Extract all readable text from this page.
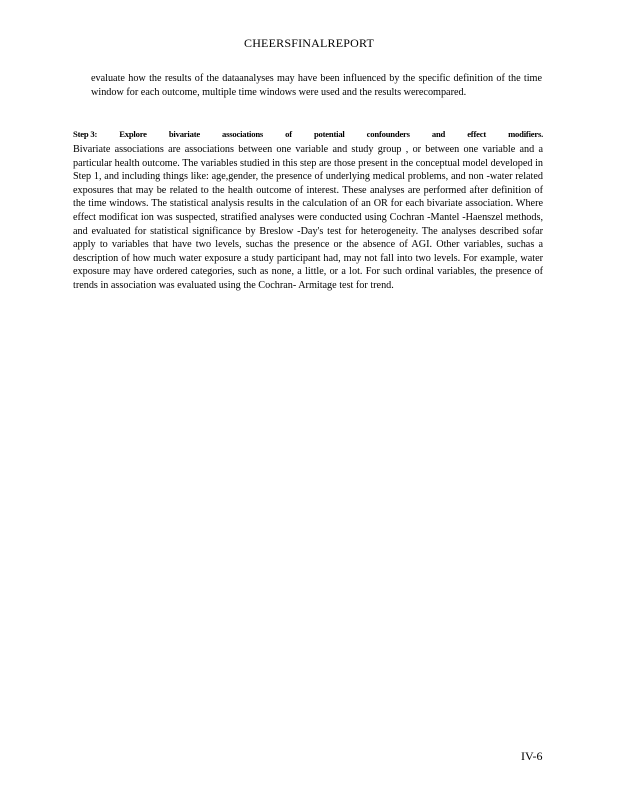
CHEERSFINALREPORT

evaluate how the results of the dataanalyses may have been influenced by the specific definition of the time window for each outcome, multiple time windows were used and the results werecompared.

Step 3:	Explore	bivariate	associations	of	potential	confounders	and	effect	modifiers.

Bivariate associations are associations between one variable and study group , or between one variable and a particular health outcome. The variables studied in this step are those present in the conceptual model developed in Step 1, and including things like: age,gender, the presence of underlying medical problems, and non -water related exposures that may be related to the health outcome of interest. These analyses are performed after definition of the time windows. The statistical analysis results in the calculation of an OR for each bivariate association. Where effect modificat ion was suspected, stratified analyses were conducted using Cochran -Mantel -Haenszel methods, and evaluated for statistical significance by Breslow -Day's test for heterogeneity. The analyses described sofar apply to variables that have two levels, suchas the presence or the absence of AGI. Other variables, suchas a description of how much water exposure a study participant had, may not fall into two levels. For example, water exposure may have ordered categories, such as none, a little, or a lot. For such ordinal variables, the presence of trends in association was evaluated using the Cochran- Armitage test for trend.

IV-6
